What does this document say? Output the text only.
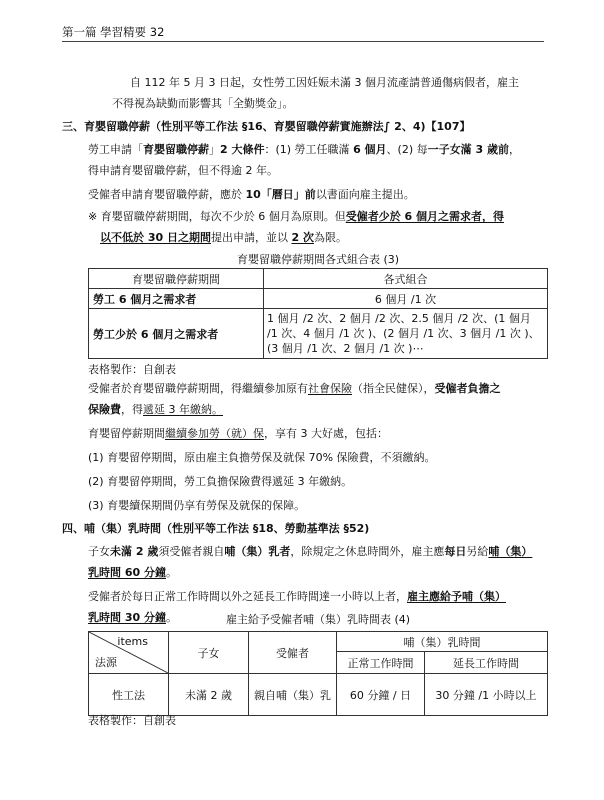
第一篇 學習精要 32
自 112 年 5 月 3 日起，女性勞工因妊娠未滿 3 個月流產請普通傷病假者，雇主
不得視為缺勤而影響其「全勤獎金」。
三、育嬰留職停薪（性別平等工作法 §16、育嬰留職停薪實施辦法∫ 2、4)【107】
勞工申請「育嬰留職停薪」2 大條件：(1) 勞工任職滿 6 個月、(2) 每一子女滿 3 歲前，
得申請育嬰留職停薪，但不得逾 2 年。
受僱者申請育嬰留職停薪，應於 10「曆日」前以書面向雇主提出。
※ 育嬰留職停薪期間，每次不少於 6 個月為原則。但受僱者少於 6 個月之需求者，得
以不低於 30 日之期間提出申請，並以 2 次為限。
育嬰留職停薪期間各式組合表 (3)
育嬰留職停薪期間	各式組合
勞工 6 個月之需求者	6 個月 /1 次
勞工少於 6 個月之需求者	1 個月 /2 次、2 個月 /2 次、2.5 個月 /2 次、(1 個月
/1 次、4 個月 /1 次 )、(2 個月 /1 次、3 個月 /1 次 )、
(3 個月 /1 次、2 個月 /1 次 )⋯
表格製作：自創表
受僱者於育嬰留職停薪期間，得繼續參加原有社會保險（指全民健保），受僱者負擔之
保險費，得遞延 3 年繳納。
育嬰留停薪期間繼續參加勞（就）保，享有 3 大好處，包括：
(1) 育嬰留停期間，原由雇主負擔勞保及就保 70% 保險費，不須繳納。
(2) 育嬰留停期間，勞工負擔保險費得遞延 3 年繳納。
(3) 育嬰續保期間仍享有勞保及就保的保障。
四、哺（集）乳時間（性別平等工作法 §18、勞動基準法 §52)
子女未滿 2 歲須受僱者親自哺（集）乳者，除規定之休息時間外，雇主應每日另給哺（集）
乳時間 60 分鐘。
受僱者於每日正常工作時間以外之延長工作時間達一小時以上者，雇主應給予哺（集）
乳時間 30 分鐘。	雇主給予受僱者哺（集）乳時間表 (4)
items
法源	子女	受僱者	哺（集）乳時間	
			正常工作時間	延長工作時間
性工法	未滿 2 歲	親自哺（集）乳	60 分鐘 / 日	30 分鐘 /1 小時以上
表格製作：自創表
